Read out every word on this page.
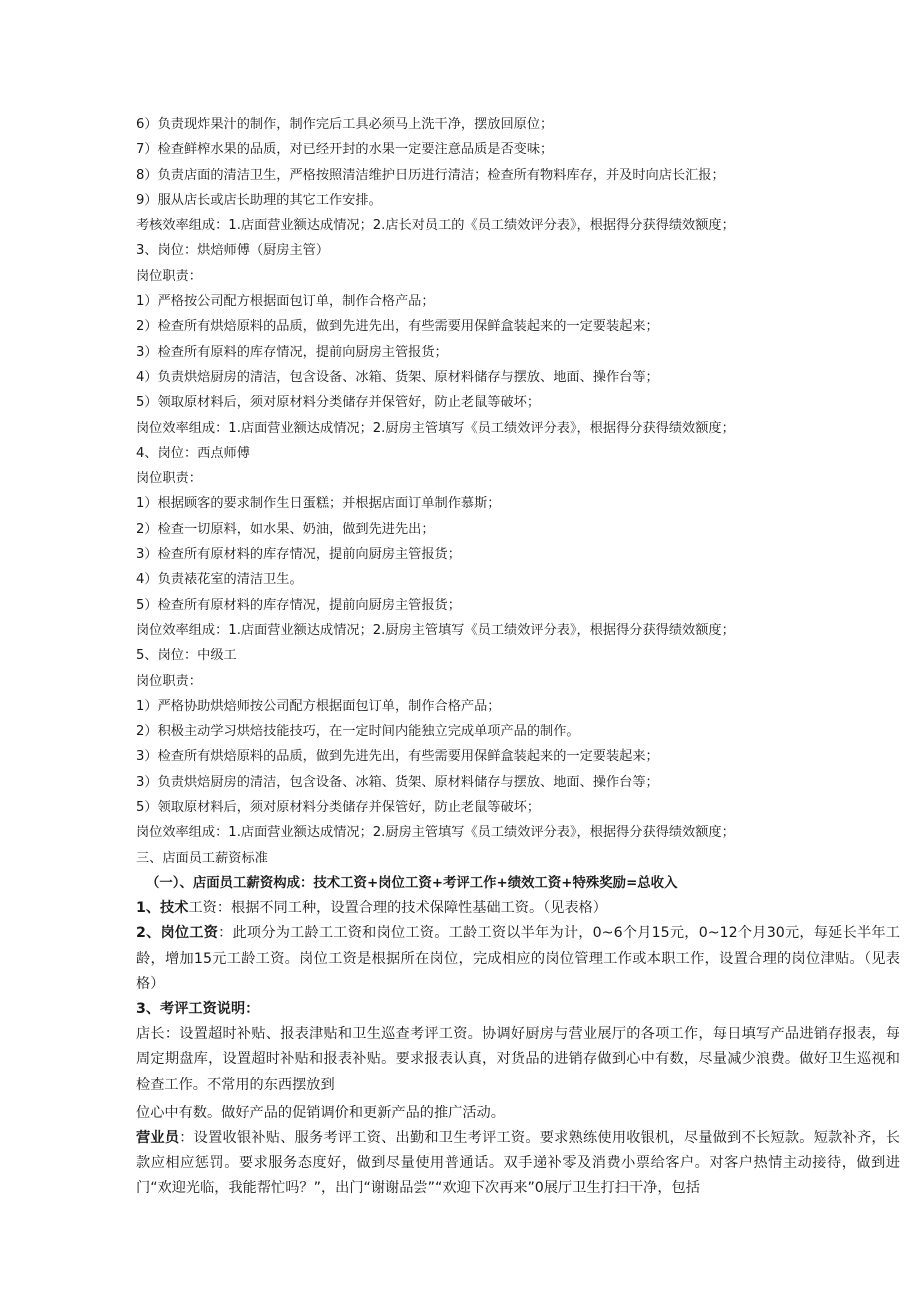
6）负责现炸果汁的制作，制作完后工具必须马上洗干净，摆放回原位；
7）检查鲜榨水果的品质，对已经开封的水果一定要注意品质是否变味；
8）负责店面的清洁卫生，严格按照清洁维护日历进行清洁；检查所有物料库存，并及时向店长汇报；
9）服从店长或店长助理的其它工作安排。
考核效率组成：1.店面营业额达成情况；2.店长对员工的《员工绩效评分表》，根据得分获得绩效额度；
3、岗位：烘焙师傅（厨房主管）
岗位职责：
1）严格按公司配方根据面包订单，制作合格产品；
2）检查所有烘焙原料的品质，做到先进先出，有些需要用保鲜盒装起来的一定要装起来；
3）检查所有原料的库存情况，提前向厨房主管报货；
4）负责烘焙厨房的清洁，包含设备、冰箱、货架、原材料储存与摆放、地面、操作台等；
5）领取原材料后，须对原材料分类储存并保管好，防止老鼠等破坏；
岗位效率组成：1.店面营业额达成情况；2.厨房主管填写《员工绩效评分表》，根据得分获得绩效额度；
4、岗位：西点师傅
岗位职责：
1）根据顾客的要求制作生日蛋糕；并根据店面订单制作慕斯；
2）检查一切原料，如水果、奶油，做到先进先出；
3）检查所有原材料的库存情况，提前向厨房主管报货；
4）负责裱花室的清洁卫生。
5）检查所有原材料的库存情况，提前向厨房主管报货；
岗位效率组成：1.店面营业额达成情况；2.厨房主管填写《员工绩效评分表》，根据得分获得绩效额度；
5、岗位：中级工
岗位职责：
1）严格协助烘焙师按公司配方根据面包订单，制作合格产品；
2）积极主动学习烘焙技能技巧，在一定时间内能独立完成单项产品的制作。
3）检查所有烘焙原料的品质，做到先进先出，有些需要用保鲜盒装起来的一定要装起来；
3）负责烘焙厨房的清洁，包含设备、冰箱、货架、原材料储存与摆放、地面、操作台等；
5）领取原材料后，须对原材料分类储存并保管好，防止老鼠等破坏；
岗位效率组成：1.店面营业额达成情况；2.厨房主管填写《员工绩效评分表》，根据得分获得绩效额度；
三、店面员工薪资标准
（一）、店面员工薪资构成：技术工资+岗位工资+考评工作+绩效工资+特殊奖励=总收入
1、技术工资：根据不同工种，设置合理的技术保障性基础工资。（见表格）
2、岗位工资：此项分为工龄工工资和岗位工资。工龄工资以半年为计，0~6个月15元，0~12个月30元，每延长半年工龄，增加15元工龄工资。岗位工资是根据所在岗位，完成相应的岗位管理工作或本职工作，设置合理的岗位津贴。（见表格）
3、考评工资说明：
店长：设置超时补贴、报表津贴和卫生巡查考评工资。协调好厨房与营业展厅的各项工作，每日填写产品进销存报表，每周定期盘库，设置超时补贴和报表补贴。要求报表认真，对货品的进销存做到心中有数，尽量减少浪费。做好卫生巡视和检查工作。不常用的东西摆放到
位心中有数。做好产品的促销调价和更新产品的推广活动。
营业员：设置收银补贴、服务考评工资、出勤和卫生考评工资。要求熟练使用收银机，尽量做到不长短款。短款补齐，长款应相应惩罚。要求服务态度好，做到尽量使用普通话。双手递补零及消费小票给客户。对客户热情主动接待，做到进门“欢迎光临，我能帮忙吗？”，出门“谢谢品尝”“欢迎下次再来”0展厅卫生打扫干净，包括
